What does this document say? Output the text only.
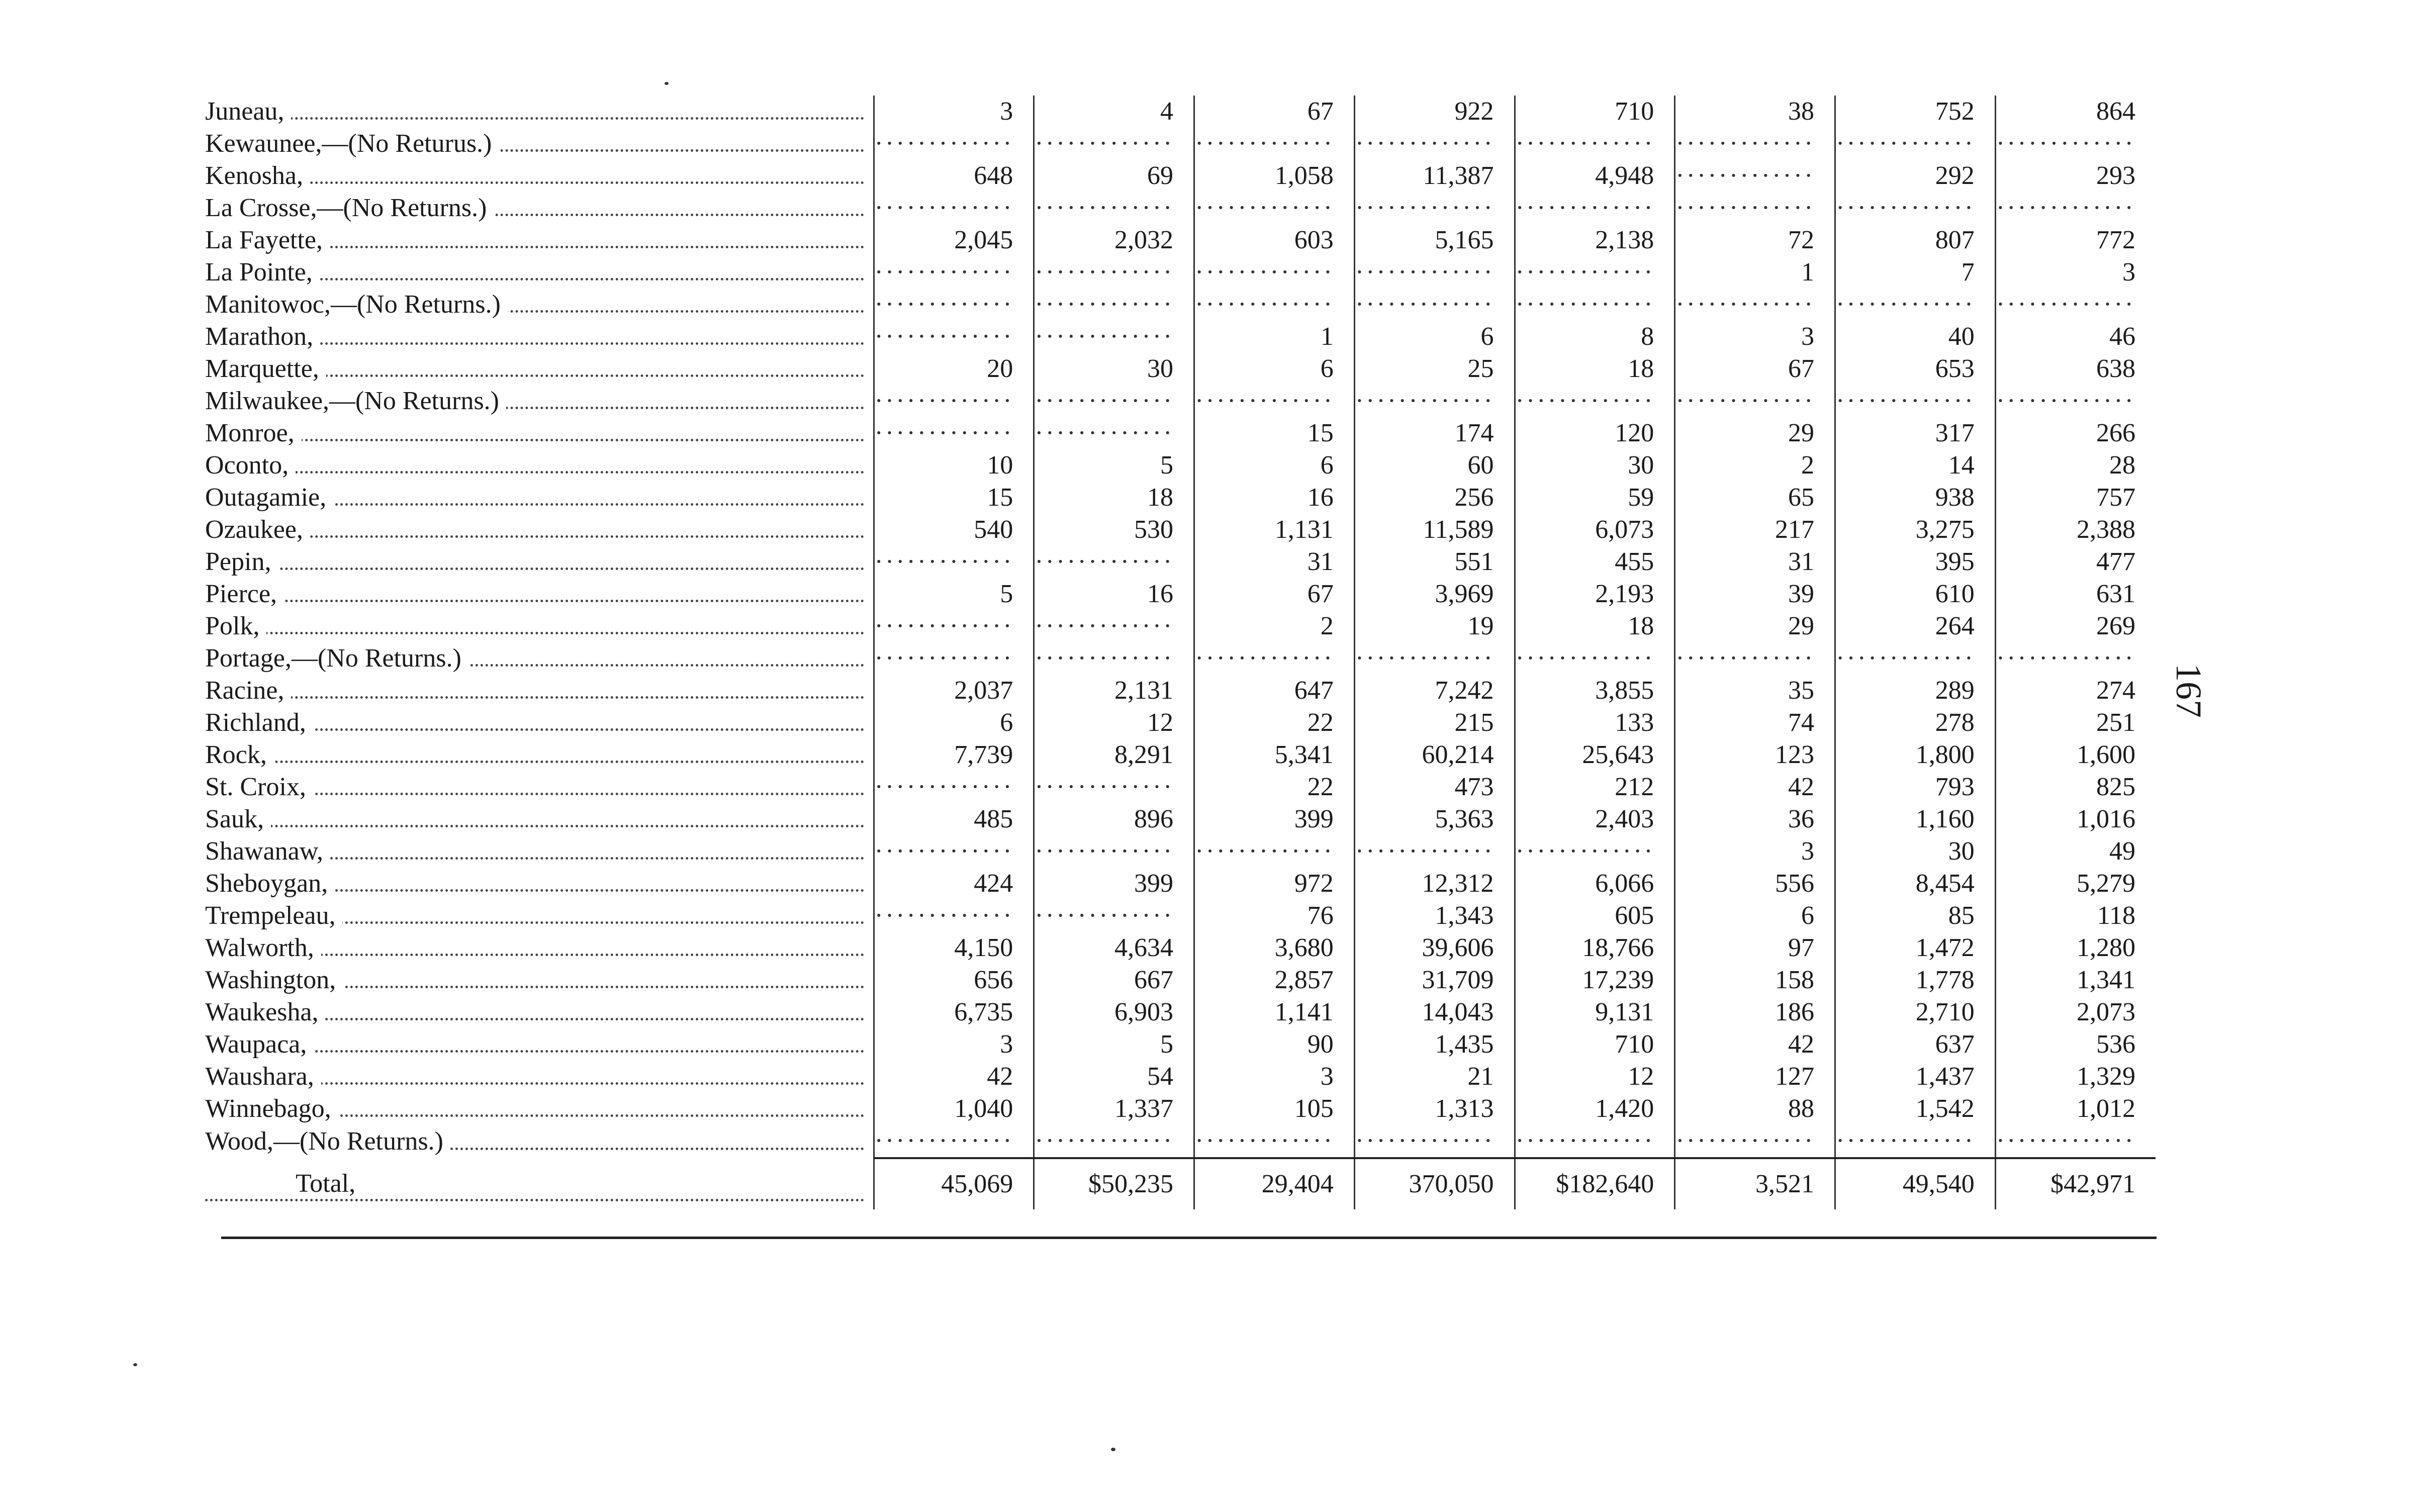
Juneau,	3	4	67	922	710	38	752	864

Kewaunee,—(No Returus.)	·····	·····	·····	·····	·····	·····	·····	·····

Kenosha,	648	69	1,058	11,387	4,948	·····	292	293

La Crosse,—(No Returns.)	·····	·····	·····	·····	·····	·····	·····	·····

La Fayette,	2,045	2,032	603	5,165	2,138	72	807	772

La Pointe,	·····	·····	·····	·····	·····	1	7	3

Manitowoc,—(No Returns.)	·····	·····	·····	·····	·····	·····	·····	·····

Marathon,	·····	·····	1	6	8	3	40	46

Marquette,	20	30	6	25	18	67	653	638

Milwaukee,—(No Returns.)	·····	·····	·····	·····	·····	·····	·····	·····

Monroe,	·····	·····	15	174	120	29	317	266

Oconto,	10	5	6	60	30	2	14	28

Outagamie,	15	18	16	256	59	65	938	757

Ozaukee,	540	530	1,131	11,589	6,073	217	3,275	2,388

Pepin,	·····	·····	31	551	455	31	395	477

Pierce,	5	16	67	3,969	2,193	39	610	631

Polk,	·····	·····	2	19	18	29	264	269

Portage,—(No Returns.)	·····	·····	·····	·····	·····	·····	·····	·····

Racine,	2,037	2,131	647	7,242	3,855	35	289	274

Richland,	6	12	22	215	133	74	278	251

Rock,	7,739	8,291	5,341	60,214	25,643	123	1,800	1,600

St. Croix,	·····	·····	22	473	212	42	793	825

Sauk,	485	896	399	5,363	2,403	36	1,160	1,016

Shawanaw,	·····	·····	·····	·····	·····	3	30	49

Sheboygan,	424	399	972	12,312	6,066	556	8,454	5,279

Trempeleau,	·····	·····	76	1,343	605	6	85	118

Walworth,	4,150	4,634	3,680	39,606	18,766	97	1,472	1,280

Washington,	656	667	2,857	31,709	17,239	158	1,778	1,341

Waukesha,	6,735	6,903	1,141	14,043	9,131	186	2,710	2,073

Waupaca,	3	5	90	1,435	710	42	637	536

Waushara,	42	54	3	21	12	127	1,437	1,329

Winnebago,	1,040	1,337	105	1,313	1,420	88	1,542	1,012

Wood,—(No Returns.)	·····	·····	·····	·····	·····	·····	·····	·····

Total,	45,069	$50,235	29,404	370,050	$182,640	3,521	49,540	$42,971
167
